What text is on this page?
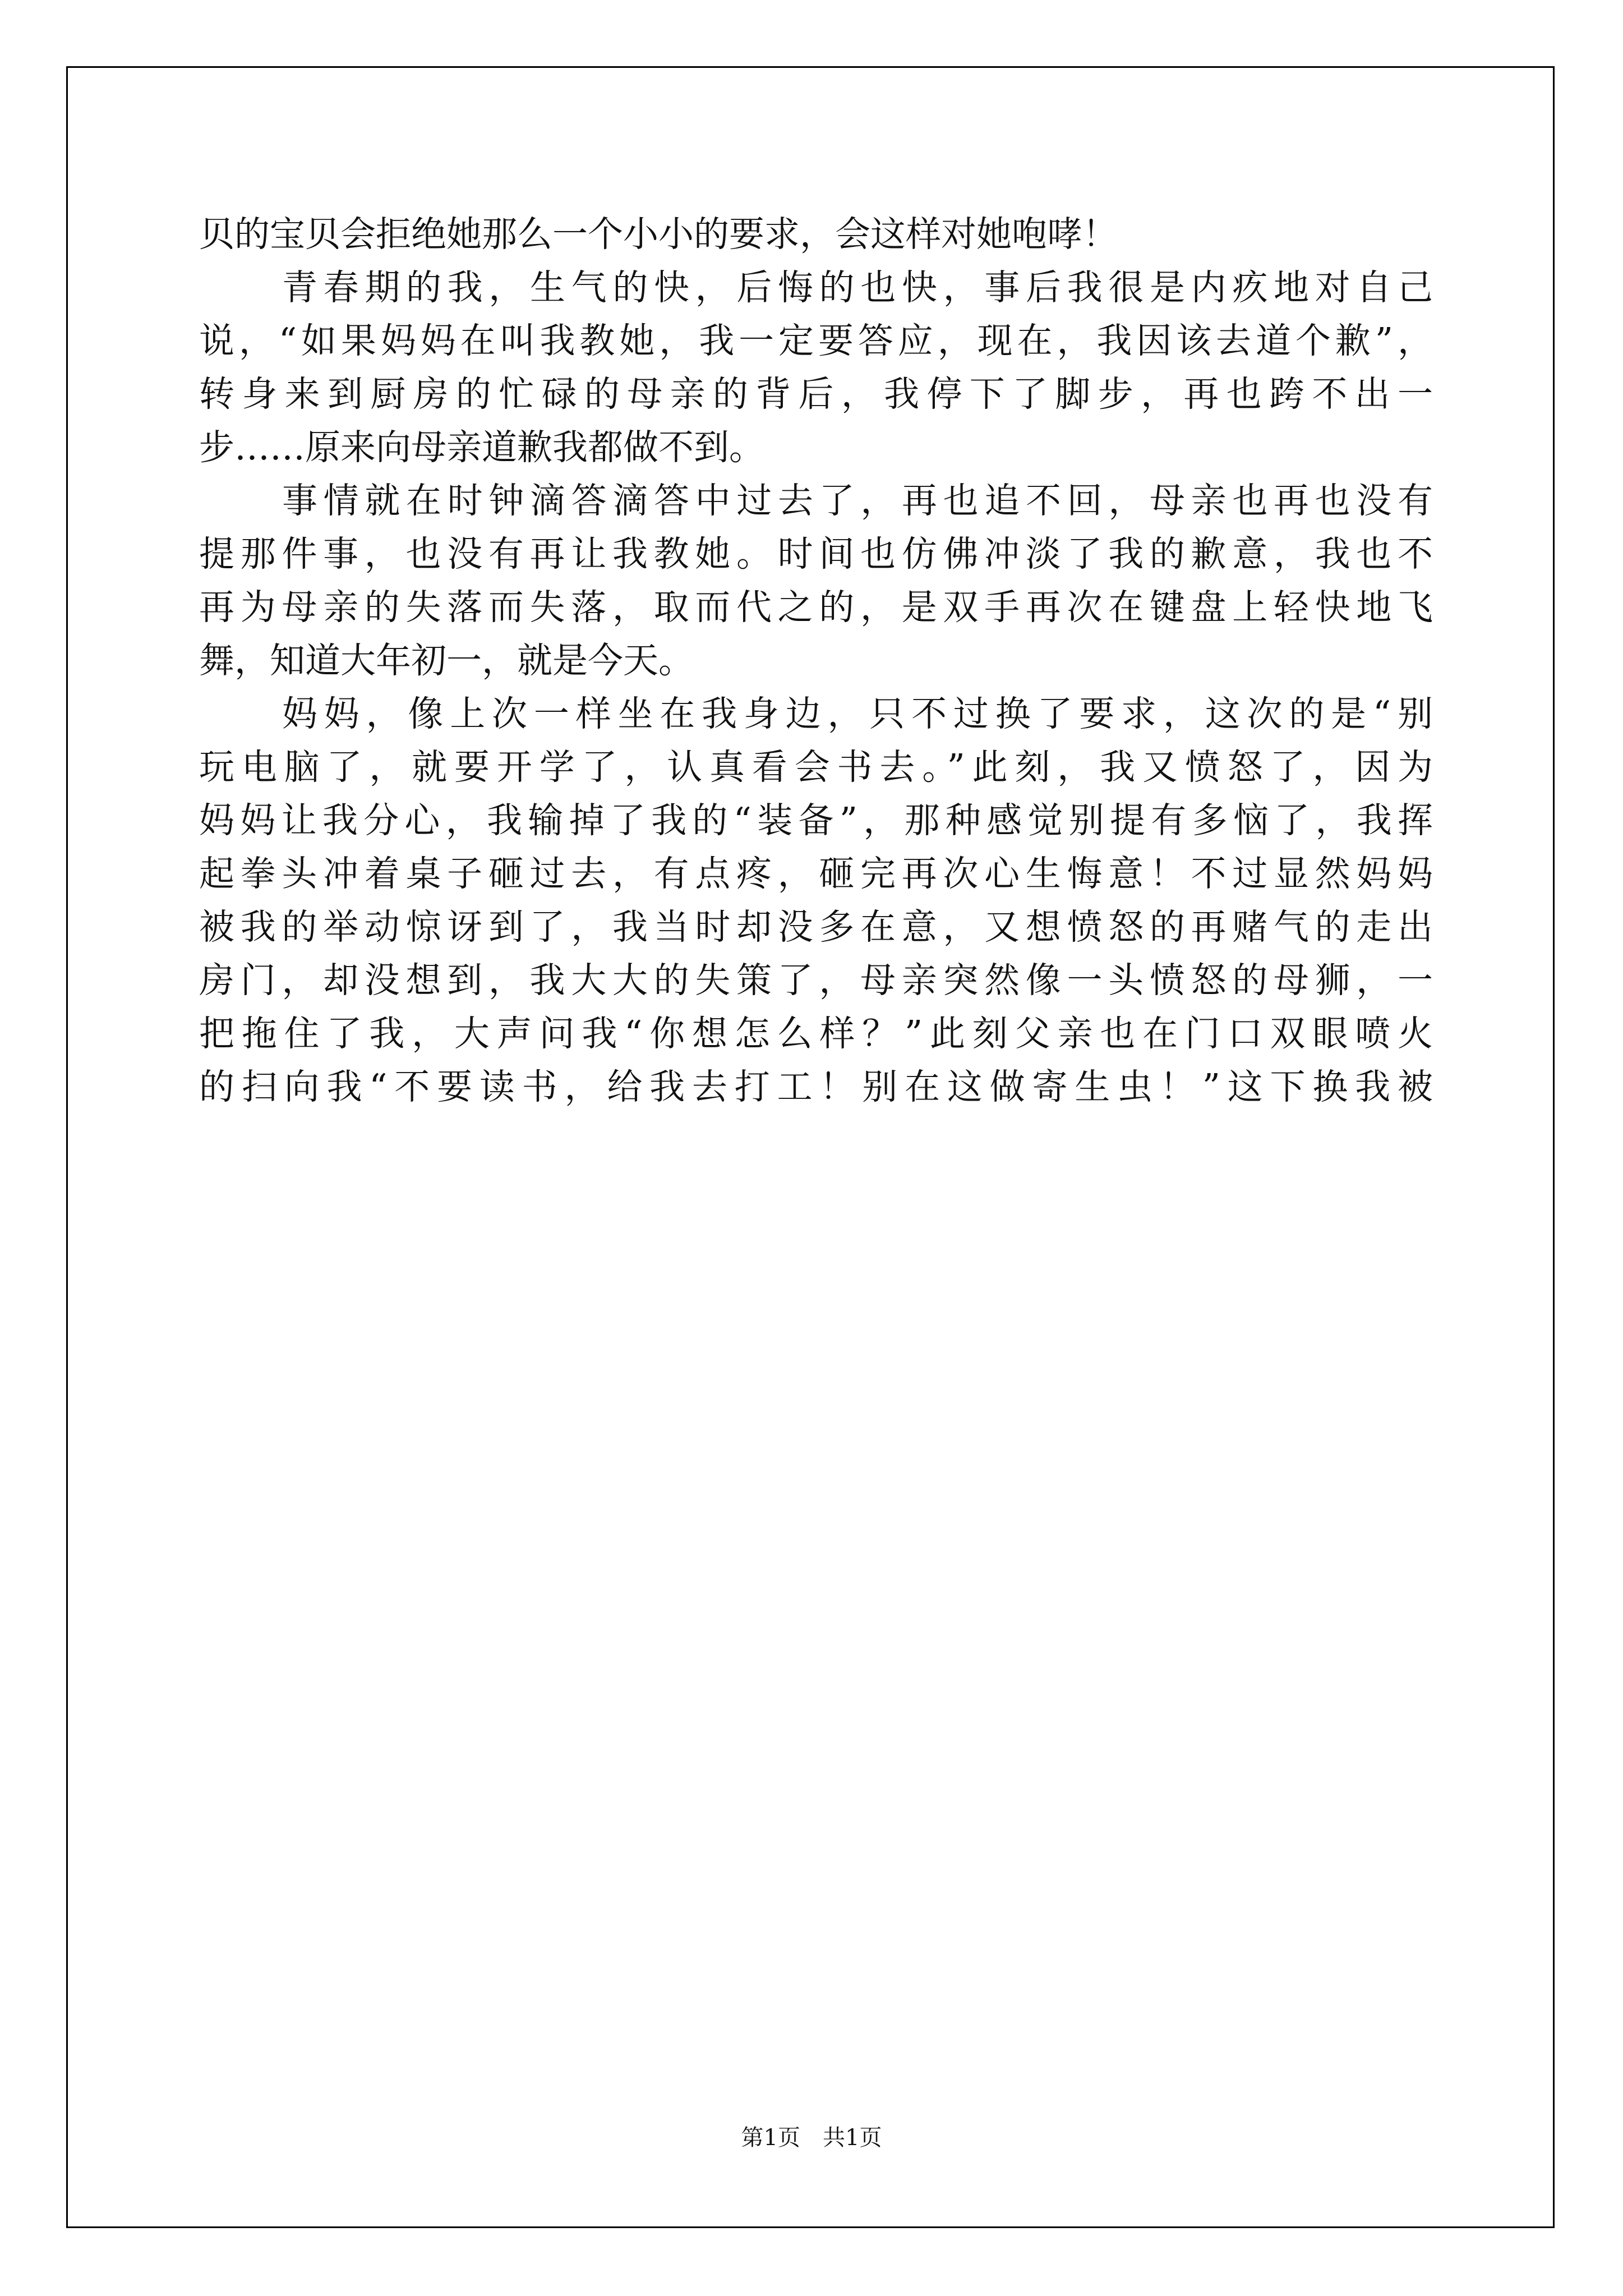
贝的宝贝会拒绝她那么一个小小的要求，会这样对她咆哮！
青春期的我，生气的快，后悔的也快，事后我很是内疚地对自己
说，“如果妈妈在叫我教她，我一定要答应，现在，我因该去道个歉”，
转身来到厨房的忙碌的母亲的背后，我停下了脚步，再也跨不出一
步……原来向母亲道歉我都做不到。
事情就在时钟滴答滴答中过去了，再也追不回，母亲也再也没有
提那件事，也没有再让我教她。时间也仿佛冲淡了我的歉意，我也不
再为母亲的失落而失落，取而代之的，是双手再次在键盘上轻快地飞
舞，知道大年初一，就是今天。
妈妈，像上次一样坐在我身边，只不过换了要求，这次的是“别
玩电脑了，就要开学了，认真看会书去。”此刻，我又愤怒了，因为
妈妈让我分心，我输掉了我的“装备”，那种感觉别提有多恼了，我挥
起拳头冲着桌子砸过去，有点疼，砸完再次心生悔意！不过显然妈妈
被我的举动惊讶到了，我当时却没多在意，又想愤怒的再赌气的走出
房门，却没想到，我大大的失策了，母亲突然像一头愤怒的母狮，一
把拖住了我，大声问我“你想怎么样？”此刻父亲也在门口双眼喷火
的扫向我“不要读书，给我去打工！别在这做寄生虫！”这下换我被
第1页　共1页
